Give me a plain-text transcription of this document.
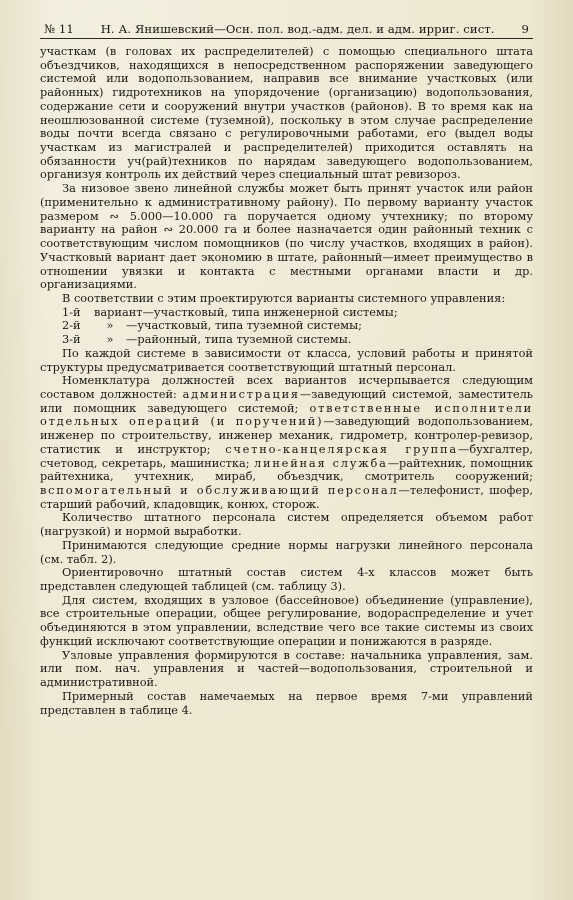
№ 11 Н. А. Янишевский—Осн. пол. вод.-адм. дел. и адм. ирриг. сист. 9

участкам (в головах их распределителей) с помощью специального штата объездчиков, находящихся в непосредственном распоряжении заведующего системой или водопользованием, направив все внимание участковых (или районных) гидротехников на упорядочение (организацию) водопользования, содержание сети и сооружений внутри участков (районов). В то время как на неошлюзованной системе (туземной), поскольку в этом случае распределение воды почти всегда связано с регулировочными работами, его (выдел воды участкам из магистралей и распределителей) приходится оставлять на обязанности уч(рай)техников по нарядам заведующего водопользованием, организуя контроль их действий через специальный штат ревизороз.

За низовое звено линейной службы может быть принят участок или район (применительно к административному району). По первому варианту участок размером ∾ 5.000—10.000 га поручается одному учтехнику; по второму варианту на район ∾ 20.000 га и более назначается один районный техник с соответствующим числом помощников (по числу участков, входящих в район). Участковый вариант дает экономию в штате, районный—имеет преимущество в отношении увязки и контакта с местными органами власти и др. организациями.

В соответствии с этим проектируются варианты системного управления:

1-й	вариант—участковый, типа инженерной системы;
2-й	»	—участковый, типа туземной системы;
3-й	»	—районный, типа туземной системы.

По каждой системе в зависимости от класса, условий работы и принятой структуры предусматривается соответствующий штатный персонал.

Номенклатура должностей всех вариантов исчерпывается следующим составом должностей: администрация—заведующий системой, заместитель или помощник заведующего системой; ответственные исполнители отдельных операций (и поручений)—заведующий водопользованием, инженер по строительству, инженер механик, гидрометр, контролер-ревизор, статистик и инструктор; счетно-канцелярская группа—бухгалтер, счетовод, секретарь, машинистка; линейная служба—райтехник, помощник райтехника, учтехник, мираб, объездчик, смотритель сооружений; вспомогательный и обслуживающий персонал—телефонист, шофер, старший рабочий, кладовщик, конюх, сторож.

Количество штатного персонала систем определяется объемом работ (нагрузкой) и нормой выработки.

Принимаются следующие средние нормы нагрузки линейного персонала (см. табл. 2).

Ориентировочно штатный состав систем 4-х классов может быть представлен следующей таблицей (см. таблицу 3).

Для систем, входящих в узловое (бассейновое) объединение (управление), все строительные операции, общее регулирование, водораспределение и учет объединяются в этом управлении, вследствие чего все такие системы из своих функций исключают соответствующие операции и понижаются в разряде.

Узловые управления формируются в составе: начальника управления, зам. или пом. нач. управления и частей—водопользования, строительной и административной.

Примерный состав намечаемых на первое время 7-ми управлений представлен в таблице 4.
